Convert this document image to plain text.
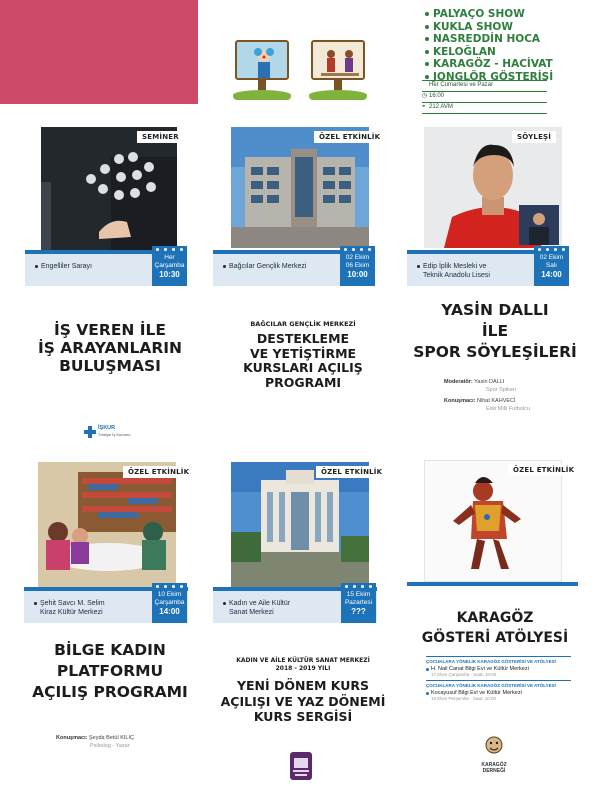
PALYAÇO SHOW
KUKLA SHOW
NASREDDİN HOCA
KELOĞLAN
KARAGÖZ - HACİVAT
JONGLÖR GÖSTERİSİ
Her Cumartesi ve Pazar
◷ 16:00
⌖ 212 AVM
SEMİNER
Engelliler Sarayı
Her Çarşamba
10:30
İŞ VEREN İLE
İŞ ARAYANLARIN
BULUŞMASI
İŞKUR
Türkiye İş Kurumu
ÖZEL ETKİNLİK
Bağcılar Gençlik Merkezi
02 Ekim
06 Ekim
10:00
BAĞCILAR GENÇLİK MERKEZİ
DESTEKLEME
VE YETİŞTİRME
KURSLARI AÇILIŞ
PROGRAMI
SÖYLEŞİ
Edip İplik Mesleki ve
Teknik Anadolu Lisesi
02 Ekim
Salı
14:00
YASİN DALLI
İLE
SPOR SÖYLEŞİLERİ
Moderatör: Yasin DALLI
Spor Spikeri
Konuşmacı: Nihat KAHVECİ
Eski Milli Futbolcu
ÖZEL ETKİNLİK
Şehit Savcı M. Selim
Kiraz Kültür Merkezi
10 Ekim
Çarşamba
14:00
BİLGE KADIN
PLATFORMU
AÇILIŞ PROGRAMI
Konuşmacı: Şeyda Betül KILIÇ
Psikolog - Yazar
ÖZEL ETKİNLİK
Kadın ve Aile Kültür
Sanat Merkezi
15 Ekim
Pazartesi
???
KADIN VE AİLE KÜLTÜR SANAT MERKEZİ
2018 - 2019 YILI
YENİ DÖNEM KURS
AÇILIŞI VE YAZ DÖNEMİ
KURS SERGİSİ
ÖZEL ETKİNLİK
KARAGÖZ
GÖSTERİ ATÖLYESİ
ÇOCUKLARA YÖNELİK KARAGÖZ GÖSTERİSİ VE ATÖLYESİ
H. Nail Canat Bilgi Evi ve Kültür Merkezi
17 Ekim Çarşamba · Saat: 10:00
ÇOCUKLARA YÖNELİK KARAGÖZ GÖSTERİSİ VE ATÖLYESİ
Kocayusuf Bilgi Evi ve Kültür Merkezi
18 Ekim Perşembe · Saat: 10:00
KARAGÖZ
DERNEĞİ
